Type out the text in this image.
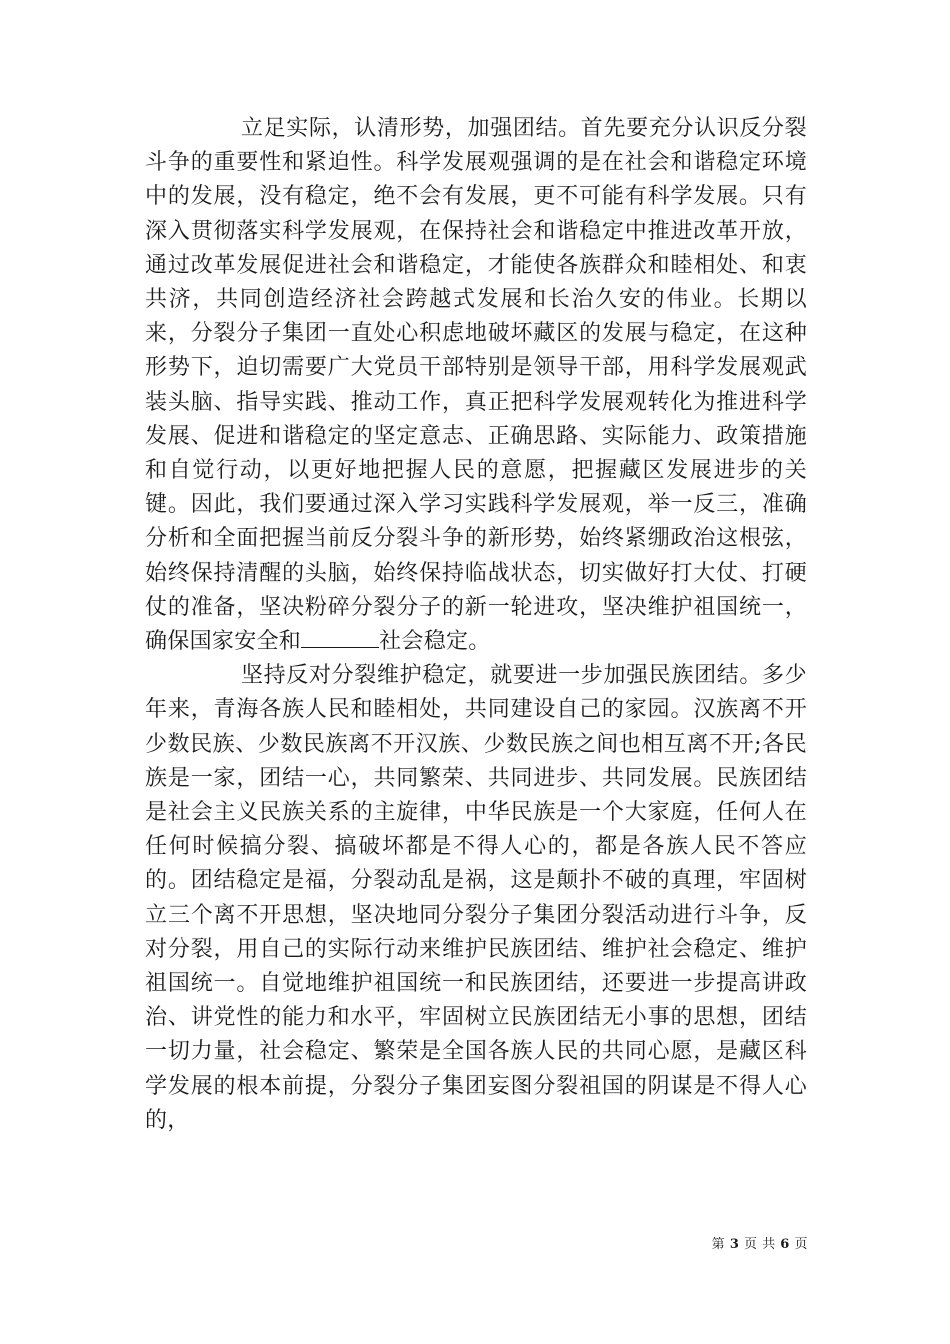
立足实际，认清形势，加强团结。首先要充分认识反分裂斗争的重要性和紧迫性。科学发展观强调的是在社会和谐稳定环境中的发展，没有稳定，绝不会有发展，更不可能有科学发展。只有深入贯彻落实科学发展观，在保持社会和谐稳定中推进改革开放，通过改革发展促进社会和谐稳定，才能使各族群众和睦相处、和衷共济，共同创造经济社会跨越式发展和长治久安的伟业。长期以来，分裂分子集团一直处心积虑地破坏藏区的发展与稳定，在这种形势下，迫切需要广大党员干部特别是领导干部，用科学发展观武装头脑、指导实践、推动工作，真正把科学发展观转化为推进科学发展、促进和谐稳定的坚定意志、正确思路、实际能力、政策措施和自觉行动，以更好地把握人民的意愿，把握藏区发展进步的关键。因此，我们要通过深入学习实践科学发展观，举一反三，准确分析和全面把握当前反分裂斗争的新形势，始终紧绷政治这根弦，始终保持清醒的头脑，始终保持临战状态，切实做好打大仗、打硬仗的准备，坚决粉碎分裂分子的新一轮进攻，坚决维护祖国统一，确保国家安全和	社会稳定。

坚持反对分裂维护稳定，就要进一步加强民族团结。多少年来，青海各族人民和睦相处，共同建设自己的家园。汉族离不开少数民族、少数民族离不开汉族、少数民族之间也相互离不开;各民族是一家，团结一心，共同繁荣、共同进步、共同发展。民族团结是社会主义民族关系的主旋律，中华民族是一个大家庭，任何人在任何时候搞分裂、搞破坏都是不得人心的，都是各族人民不答应的。团结稳定是福，分裂动乱是祸，这是颠扑不破的真理，牢固树立三个离不开思想，坚决地同分裂分子集团分裂活动进行斗争，反对分裂，用自己的实际行动来维护民族团结、维护社会稳定、维护祖国统一。自觉地维护祖国统一和民族团结，还要进一步提高讲政治、讲党性的能力和水平，牢固树立民族团结无小事的思想，团结一切力量，社会稳定、繁荣是全国各族人民的共同心愿，是藏区科学发展的根本前提，分裂分子集团妄图分裂祖国的阴谋是不得人心的，

第 3 页 共 6 页
